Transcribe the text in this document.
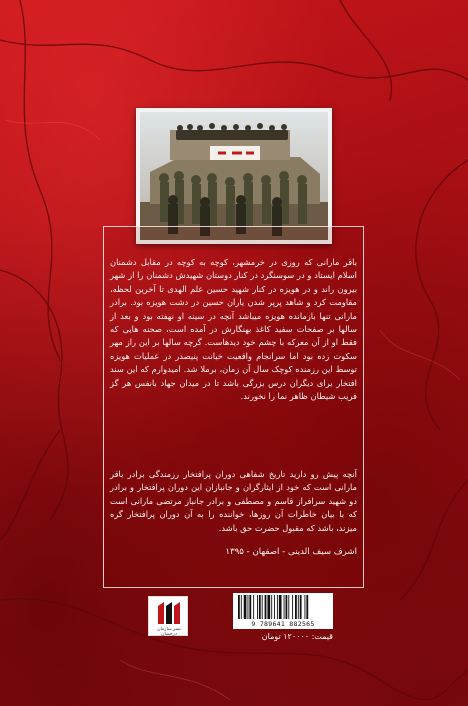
باقر مارانی که روزی در خرمشهر، کوچه به کوچه در مقابل دشمنان اسلام ایستاد و در سوسنگرد در کنار دوستان شهیدش دشمنان را از شهر بیرون راند و در هویزه در کنار شهید حسین علم الهدی تا آخرین لحظه، مقاومت کرد و شاهد پرپر شدن یاران حسین در دشت هویزه بود. برادر مارانی تنها بازمانده هویزه میباشد آنچه در سینه او نهفته بود و بعد از سالها بر صفحات سفید کاغذ بهنگارش در آمده است، صحنه هایی که فقط او از آن معرکه با چشم خود دیدهاست. گرچه سالها بر این راز مهر سکوت زده بود اما سرانجام واقعیت خیانت پنیصدر در عملیات هویزه توسط این رزمنده کوچک سال آن زمان، برملا شد. امیدوارم که این سند افتخار برای دیگران درس بزرگی باشد تا در میدان جهاد بانفس هر گز فریب شیطان ظاهر نما را نخورند.

آنچه پیش رو دارید تاریخ شفاهی دوران پرافتخار رزمندگی برادر باقر مارانی است که خود از ایثارگران و جانبازان این دوران پرافتخار و برادر دو شهید سرافراز قاسم و مصطفی و برادر جانباز مرتضی مارانی است که با بیان خاطرات آن روزها، خواننده را به آن دوران پرافتخار گره میزند، باشد که مقبول حضرت حق باشد.

اشرف سیف الدینی - اصفهان - ۱۳۹۵
نشر سازمان درخشان
9 789641 882565
قیمت: ۱۲۰۰۰۰ تومان
